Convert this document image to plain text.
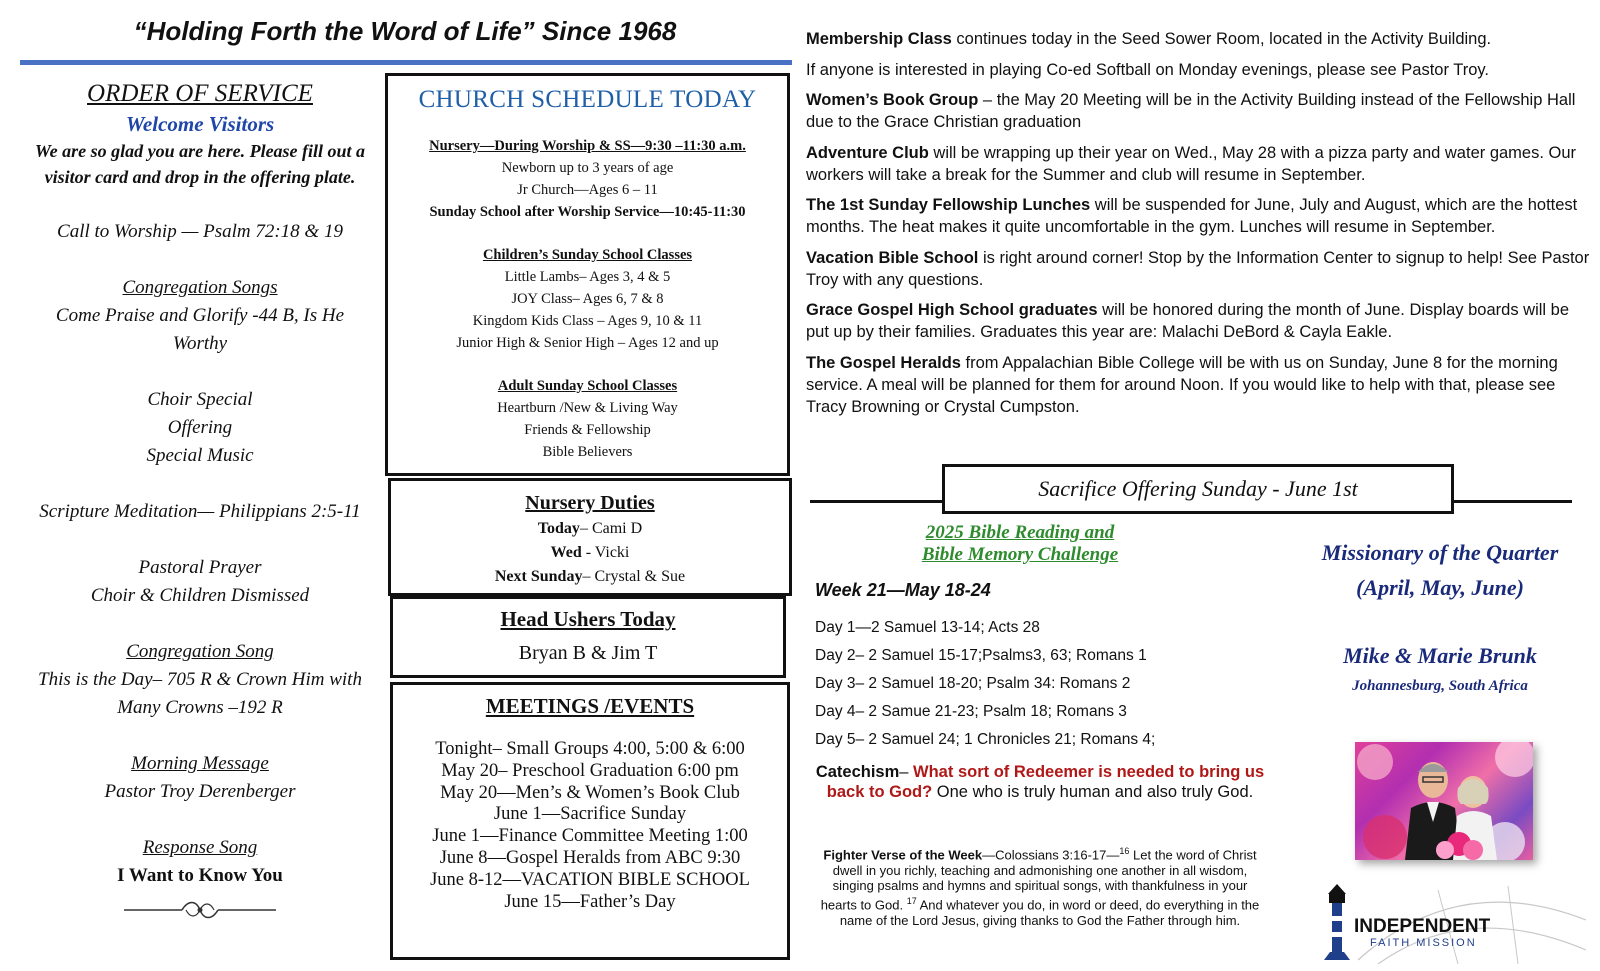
“Holding Forth the Word of Life” Since 1968
ORDER OF SERVICE
Welcome Visitors
We are so glad you are here. Please fill out a visitor card and drop in the offering plate.
Call to Worship — Psalm 72:18 & 19
Congregation Songs
Come Praise and Glorify -44 B, Is He Worthy
Choir Special
Offering
Special Music
Scripture Meditation— Philippians 2:5-11
Pastoral Prayer
Choir & Children Dismissed
Congregation Song
This is the Day– 705 R & Crown Him with Many Crowns –192 R
Morning Message
Pastor Troy Derenberger
Response Song
I Want to Know You
CHURCH SCHEDULE TODAY
Nursery—During Worship & SS—9:30 –11:30 a.m.
Newborn up to 3 years of age
Jr Church—Ages 6 – 11
Sunday School after Worship Service—10:45-11:30
Children’s Sunday School Classes
Little Lambs– Ages 3, 4 & 5
JOY Class– Ages 6, 7 & 8
Kingdom Kids Class – Ages 9, 10 & 11
Junior High & Senior High – Ages 12 and up
Adult Sunday School Classes
Heartburn /New & Living Way
Friends & Fellowship
Bible Believers
Nursery Duties
Today– Cami D
Wed - Vicki
Next Sunday– Crystal & Sue
Head Ushers Today
Bryan B & Jim T
MEETINGS /EVENTS
Tonight– Small Groups 4:00, 5:00 & 6:00
May 20– Preschool Graduation 6:00 pm
May 20—Men’s & Women’s Book Club
June 1—Sacrifice Sunday
June 1—Finance Committee Meeting 1:00
June 8—Gospel Heralds from ABC 9:30
June 8-12—VACATION BIBLE SCHOOL
June 15—Father’s Day

Membership Class continues today in the Seed Sower Room, located in the Activity Building.

If anyone is interested in playing Co-ed Softball on Monday evenings, please see Pastor Troy.

Women’s Book Group – the May 20 Meeting will be in the Activity Building instead of the Fellowship Hall due to the Grace Christian graduation

Adventure Club will be wrapping up their year on Wed., May 28 with a pizza party and water games. Our workers will take a break for the Summer and club will resume in September.

The 1st Sunday Fellowship Lunches will be suspended for June, July and August, which are the hottest months. The heat makes it quite uncomfortable in the gym. Lunches will resume in September.

Vacation Bible School is right around corner! Stop by the Information Center to signup to help! See Pastor Troy with any questions.

Grace Gospel High School graduates will be honored during the month of June. Display boards will be put up by their families. Graduates this year are: Malachi DeBord & Cayla Eakle.

The Gospel Heralds from Appalachian Bible College will be with us on Sunday, June 8 for the morning service. A meal will be planned for them for around Noon. If you would like to help with that, please see Tracy Browning or Crystal Cumpston.

Sacrifice Offering Sunday - June 1st
2025 Bible Reading and
Bible Memory Challenge
Week 21—May 18-24
Day 1—2 Samuel 13-14; Acts 28
Day 2– 2 Samuel 15-17;Psalms3, 63; Romans 1
Day 3– 2 Samuel 18-20; Psalm 34: Romans 2
Day 4– 2 Samue 21-23; Psalm 18; Romans 3
Day 5– 2 Samuel 24; 1 Chronicles 21; Romans 4;
Catechism– What sort of Redeemer is needed to bring us back to God? One who is truly human and also truly God.
Fighter Verse of the Week—Colossians 3:16-17—$^{16}$ Let the word of Christ dwell in you richly, teaching and admonishing one another in all wisdom, singing psalms and hymns and spiritual songs, with thankfulness in your hearts to God. $^{17}$ And whatever you do, in word or deed, do everything in the name of the Lord Jesus, giving thanks to God the Father through him.
Missionary of the Quarter
(April, May, June)
Mike & Marie Brunk
Johannesburg, South Africa
INDEPENDENT
FAITH MISSION
